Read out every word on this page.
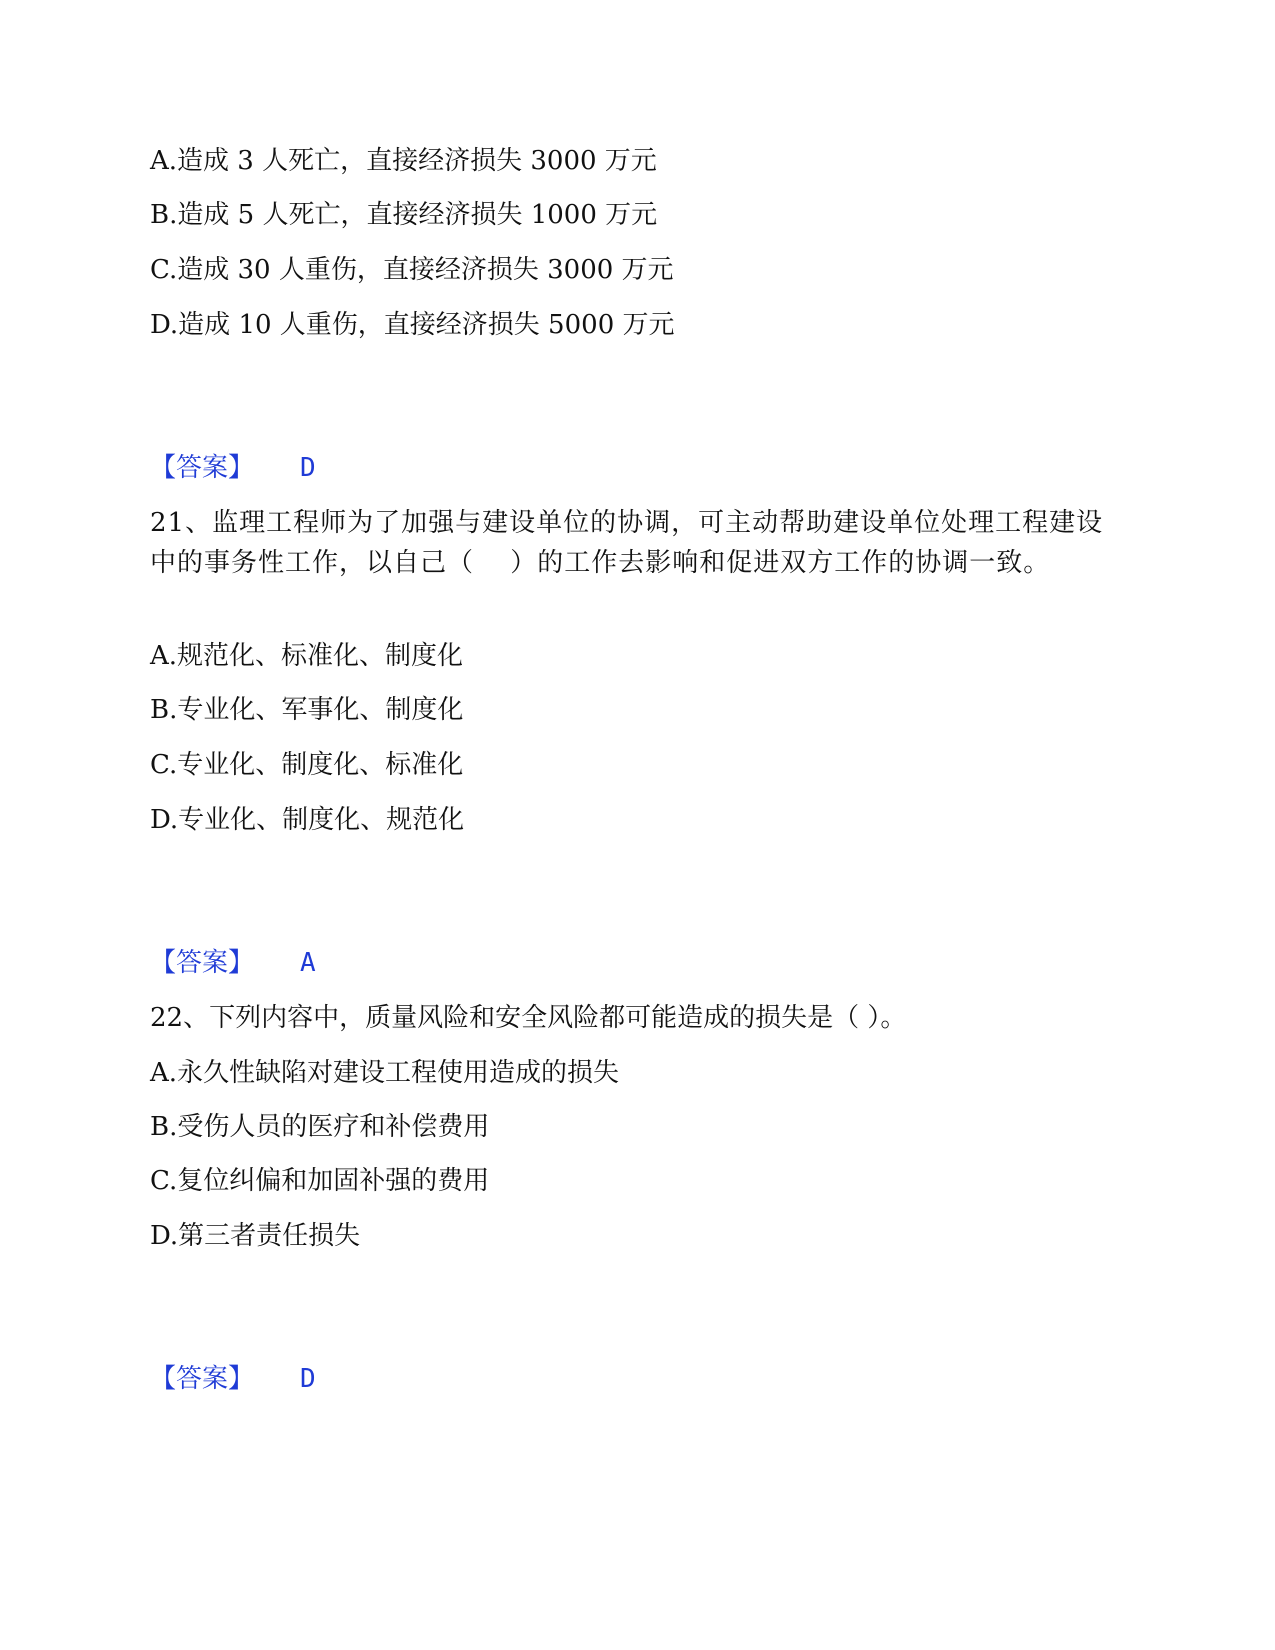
A.造成 3 人死亡，直接经济损失 3000 万元
B.造成 5 人死亡，直接经济损失 1000 万元
C.造成 30 人重伤，直接经济损失 3000 万元
D.造成 10 人重伤，直接经济损失 5000 万元
【答案】 D
21、监理工程师为了加强与建设单位的协调，可主动帮助建设单位处理工程建设中的事务性工作，以自己（　 ）的工作去影响和促进双方工作的协调一致。
A.规范化、标准化、制度化
B.专业化、军事化、制度化
C.专业化、制度化、标准化
D.专业化、制度化、规范化
【答案】 A
22、下列内容中，质量风险和安全风险都可能造成的损失是（ ）。
A.永久性缺陷对建设工程使用造成的损失
B.受伤人员的医疗和补偿费用
C.复位纠偏和加固补强的费用
D.第三者责任损失
【答案】 D
